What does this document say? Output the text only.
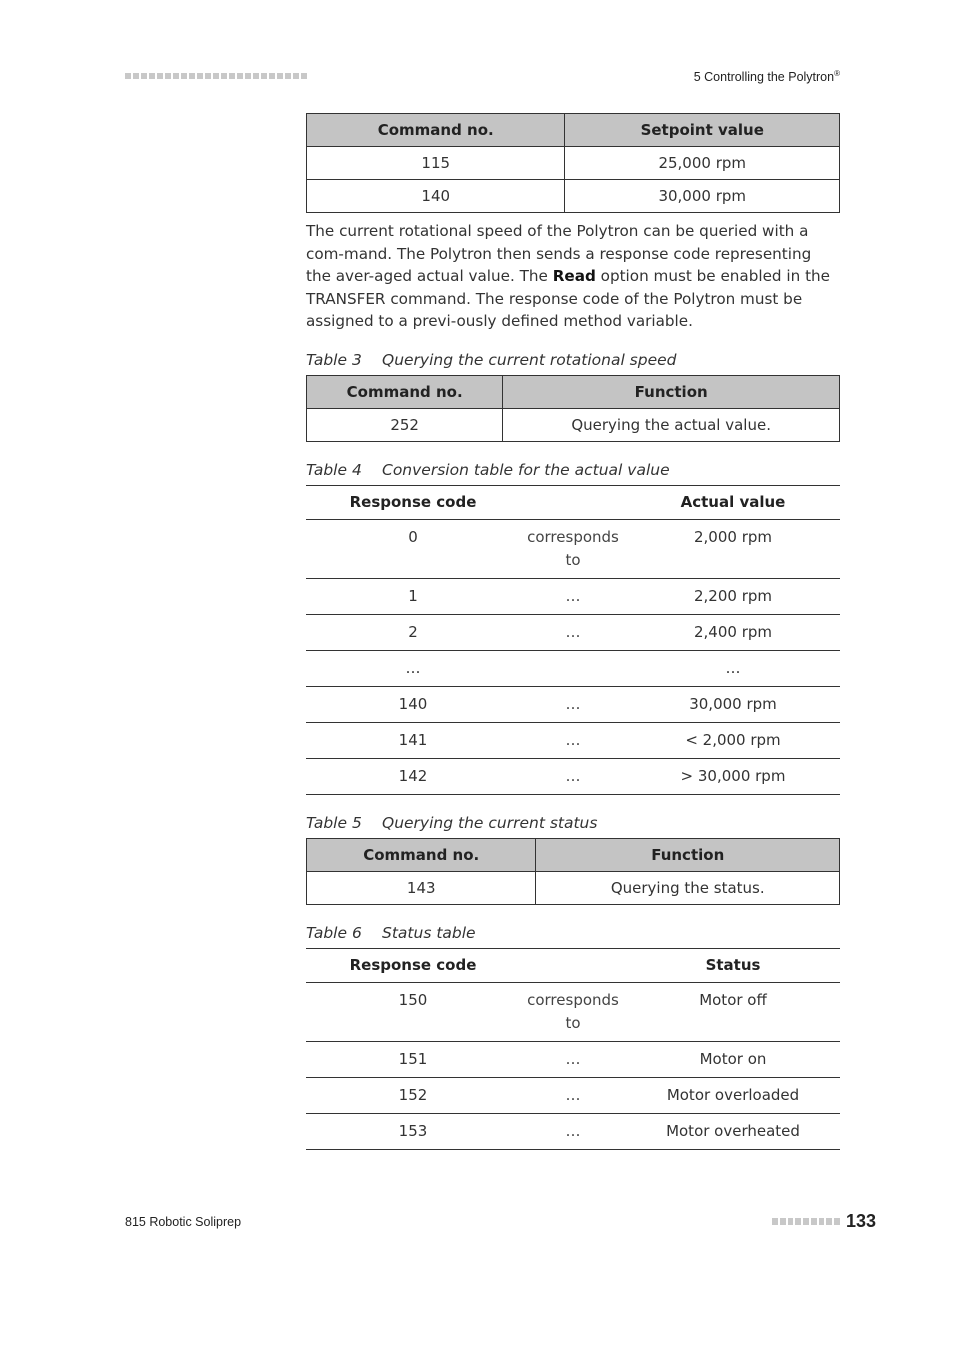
5 Controlling the Polytron®
Command no.	Setpoint value
115	25,000 rpm
140	30,000 rpm

The current rotational speed of the Polytron can be queried with a com-mand. The Polytron then sends a response code representing the aver-aged actual value. The Read option must be enabled in the TRANSFER command. The response code of the Polytron must be assigned to a previ-ously defined method variable.

Table 3 Querying the current rotational speed
Command no.	Function
252	Querying the actual value.
Table 4 Conversion table for the actual value
Response code		Actual value
0	corresponds to	2,000 rpm
1	…	2,200 rpm
2	…	2,400 rpm
…		…
140	…	30,000 rpm
141	…	< 2,000 rpm
142	…	> 30,000 rpm
Table 5 Querying the current status
Command no.	Function
143	Querying the status.
Table 6 Status table
Response code		Status
150	corresponds to	Motor off
151	…	Motor on
152	…	Motor overloaded
153	…	Motor overheated
815 Robotic Soliprep	133
